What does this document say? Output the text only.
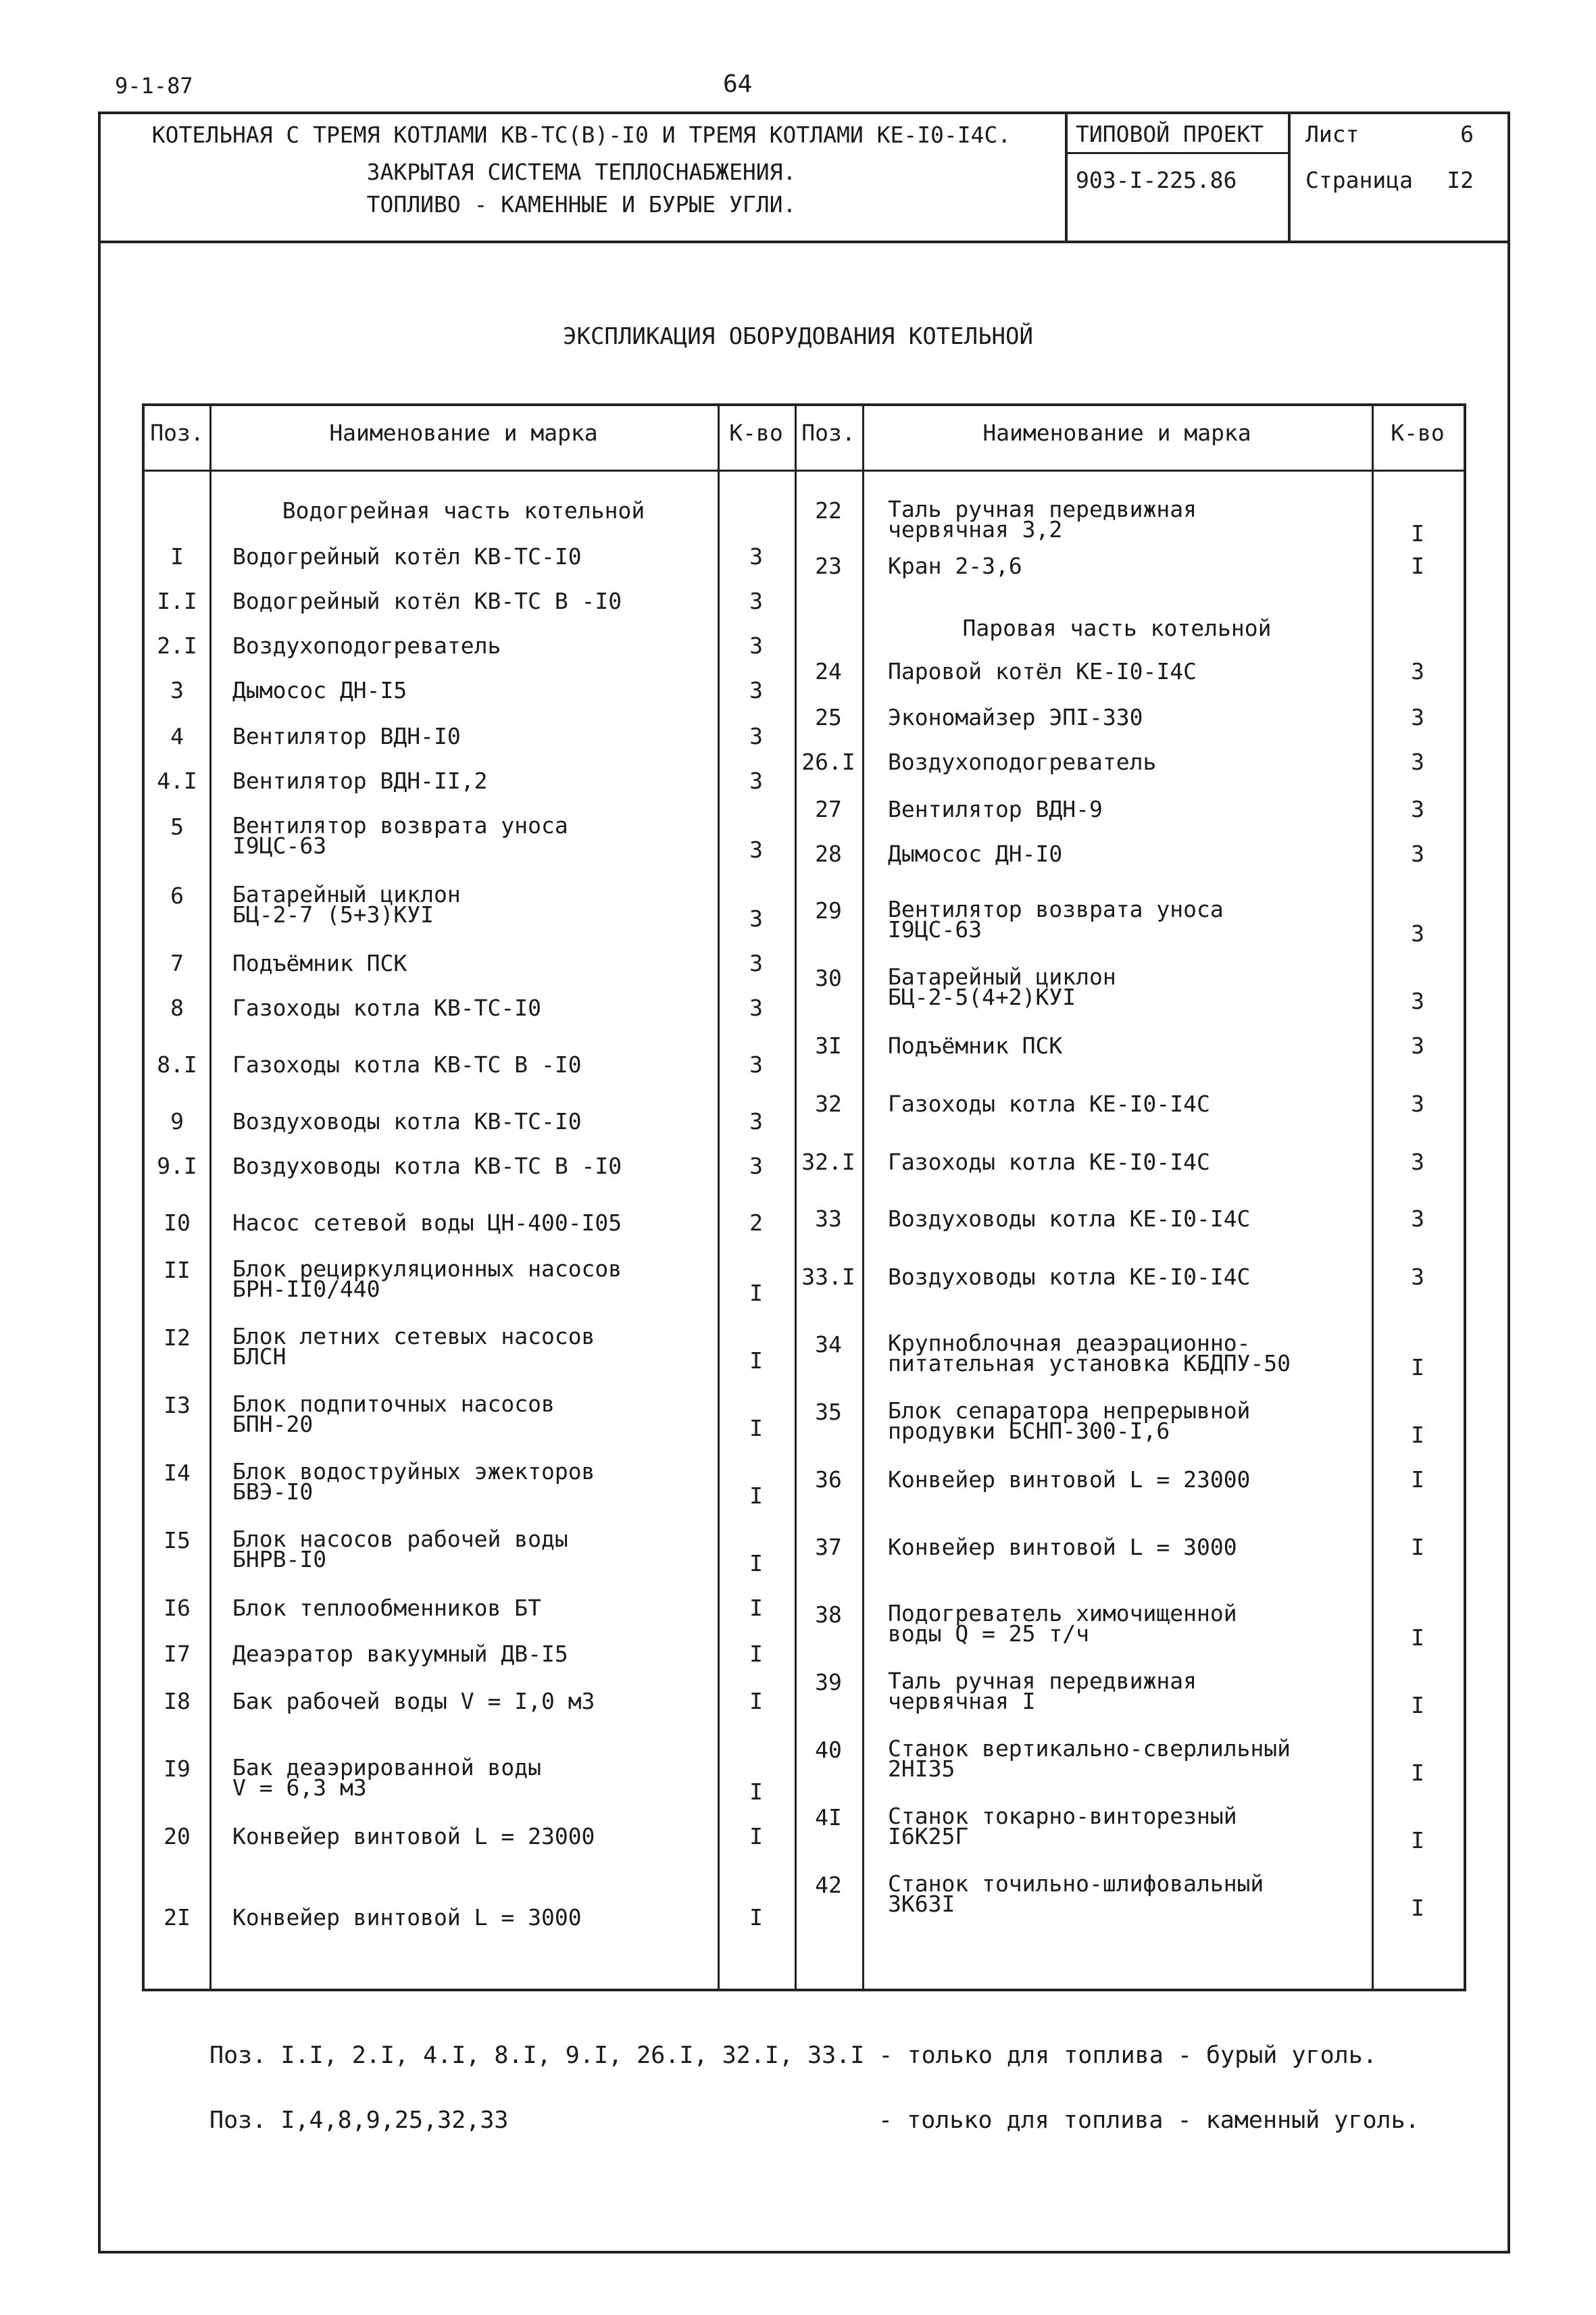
9-1-87	64
КОТЕЛЬНАЯ С ТРЕМЯ КОТЛАМИ КВ-ТС(В)-I0 И ТРЕМЯ КОТЛАМИ КЕ-I0-I4С.
ЗАКРЫТАЯ СИСТЕМА ТЕПЛОСНАБЖЕНИЯ.
ТОПЛИВО - КАМЕННЫЕ И БУРЫЕ УГЛИ.
ТИПОВОЙ ПРОЕКТ
903-I-225.86
Лист	6
Страница I2
ЭКСПЛИКАЦИЯ ОБОРУДОВАНИЯ КОТЕЛЬНОЙ
Поз.	Наименование и марка	К-во Поз.	Наименование и марка	К-во
Водогрейная часть котельной
Паровая часть котельной
I	Водогрейный котёл КВ-ТС-I0	3
I.I	Водогрейный котёл КВ-ТС В -I0	3
2.I	Воздухоподогреватель	3
3	Дымосос ДН-I5	3
4	Вентилятор ВДН-I0	3
4.I	Вентилятор ВДН-II,2	3
5	Вентилятор возврата уноса
I9ЦС-63	3
6	Батарейный циклон
БЦ-2-7 (5+3)КУI	3
7	Подъёмник ПСК	3
8	Газоходы котла КВ-ТС-I0	3
8.I	Газоходы котла КВ-ТС В -I0	3
9	Воздуховоды котла КВ-ТС-I0	3
9.I	Воздуховоды котла КВ-ТС В -I0	3
I0	Насос сетевой воды ЦН-400-I05	2
II	Блок рециркуляционных насосов
БРН-II0/440	I
I2	Блок летних сетевых насосов
БЛСН	I
I3	Блок подпиточных насосов
БПН-20	I
I4	Блок водоструйных эжекторов
БВЭ-I0	I
I5	Блок насосов рабочей воды
БНРВ-I0	I
I6	Блок теплообменников БТ	I
I7	Деаэратор вакуумный ДВ-I5	I
I8	Бак рабочей воды V = I,0 м3	I
I9	Бак деаэрированной воды
V = 6,3 м3	I
20	Конвейер винтовой L = 23000	I
2I	Конвейер винтовой L = 3000	I
22	Таль ручная передвижная
червячная 3,2	I
23	Кран 2-3,6	I
24	Паровой котёл КЕ-I0-I4С	3
25	Экономайзер ЭПI-330	3
26.I	Воздухоподогреватель	3
27	Вентилятор ВДН-9	3
28	Дымосос ДН-I0	3
29	Вентилятор возврата уноса
I9ЦС-63	3
30	Батарейный циклон
БЦ-2-5(4+2)КУI	3
3I	Подъёмник ПСК	3
32	Газоходы котла КЕ-I0-I4С	3
32.I	Газоходы котла КЕ-I0-I4С	3
33	Воздуховоды котла КЕ-I0-I4С	3
33.I	Воздуховоды котла КЕ-I0-I4С	3
34	Крупноблочная деаэрационно-
питательная установка КБДПУ-50	I
35	Блок сепаратора непрерывной
продувки БСНП-300-I,6	I
36	Конвейер винтовой L = 23000	I
37	Конвейер винтовой L = 3000	I
38	Подогреватель химочищенной
воды Q = 25 т/ч	I
39	Таль ручная передвижная
червячная I	I
40	Станок вертикально-сверлильный
2НI35	I
4I	Станок токарно-винторезный
I6К25Г	I
42	Станок точильно-шлифовальный
3К63I	I
Поз. I.I, 2.I, 4.I, 8.I, 9.I, 26.I, 32.I, 33.I - только для топлива - бурый уголь.
Поз. I,4,8,9,25,32,33	- только для топлива - каменный уголь.
